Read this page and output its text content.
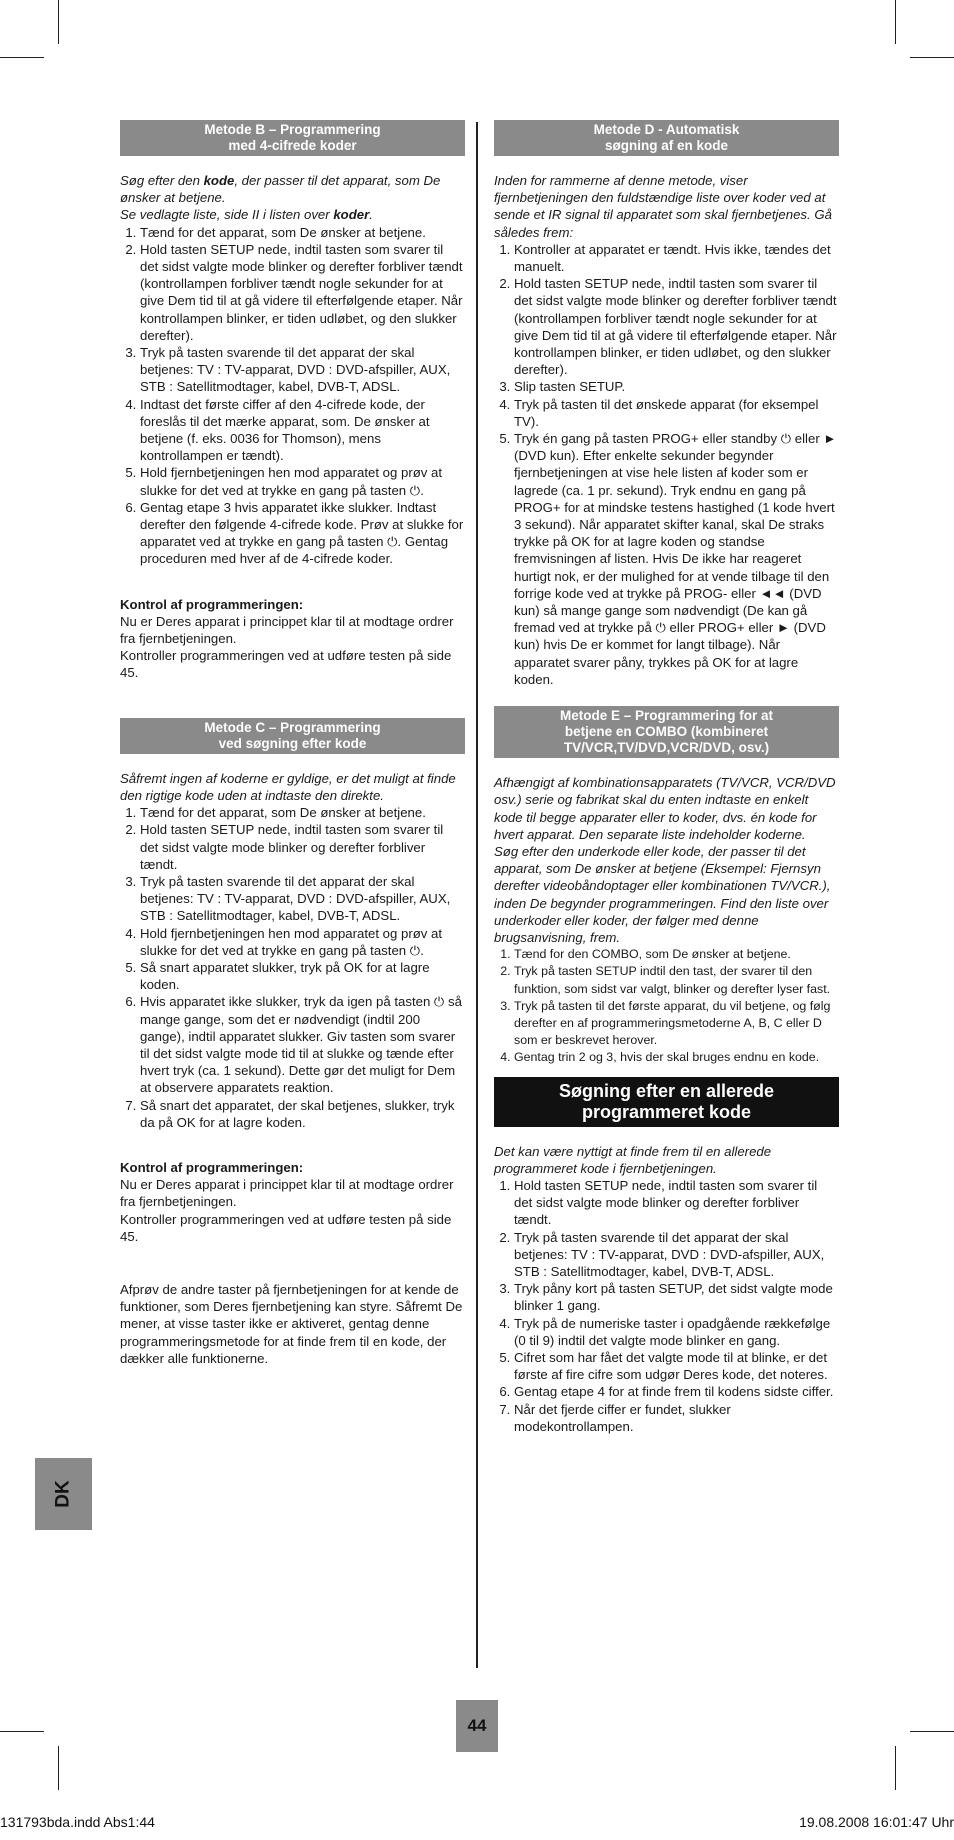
Metode B – Programmering
med 4-cifrede koder

Søg efter den kode, der passer til det apparat, som De ønsker at betjene.
Se vedlagte liste, side II i listen over koder.

1. Tænd for det apparat, som De ønsker at betjene.
2. Hold tasten SETUP nede, indtil tasten som svarer til det sidst valgte mode blinker og derefter forbliver tændt (kontrollampen forbliver tændt nogle sekunder for at give Dem tid til at gå videre til efterfølgende etaper. Når kontrollampen blinker, er tiden udløbet, og den slukker derefter).
3. Tryk på tasten svarende til det apparat der skal betjenes: TV : TV-apparat, DVD : DVD-afspiller, AUX, STB : Satellitmodtager, kabel, DVB-T, ADSL.
4. Indtast det første ciffer af den 4-cifrede kode, der foreslås til det mærke apparat, som. De ønsker at betjene (f. eks. 0036 for Thomson), mens kontrollampen er tændt).
5. Hold fjernbetjeningen hen mod apparatet og prøv at slukke for det ved at trykke en gang på tasten ⏻.
6. Gentag etape 3 hvis apparatet ikke slukker. Indtast derefter den følgende 4-cifrede kode. Prøv at slukke for apparatet ved at trykke en gang på tasten ⏻. Gentag proceduren med hver af de 4-cifrede koder.
Kontrol af programmeringen:

Nu er Deres apparat i princippet klar til at modtage ordrer fra fjernbetjeningen.

Kontroller programmeringen ved at udføre testen på side 45.

Metode C – Programmering
ved søgning efter kode

Såfremt ingen af koderne er gyldige, er det muligt at finde den rigtige kode uden at indtaste den direkte.

1. Tænd for det apparat, som De ønsker at betjene.
2. Hold tasten SETUP nede, indtil tasten som svarer til det sidst valgte mode blinker og derefter forbliver tændt.
3. Tryk på tasten svarende til det apparat der skal betjenes: TV : TV-apparat, DVD : DVD-afspiller, AUX, STB : Satellitmodtager, kabel, DVB-T, ADSL.
4. Hold fjernbetjeningen hen mod apparatet og prøv at slukke for det ved at trykke en gang på tasten ⏻.
5. Så snart apparatet slukker, tryk på OK for at lagre koden.
6. Hvis apparatet ikke slukker, tryk da igen på tasten ⏻ så mange gange, som det er nødvendigt (indtil 200 gange), indtil apparatet slukker. Giv tasten som svarer til det sidst valgte mode tid til at slukke og tænde efter hvert tryk (ca. 1 sekund). Dette gør det muligt for Dem at observere apparatets reaktion.
7. Så snart det apparatet, der skal betjenes, slukker, tryk da på OK for at lagre koden.
Kontrol af programmeringen:

Nu er Deres apparat i princippet klar til at modtage ordrer fra fjernbetjeningen.

Kontroller programmeringen ved at udføre testen på side 45.

Afprøv de andre taster på fjernbetjeningen for at kende de funktioner, som Deres fjernbetjening kan styre. Såfremt De mener, at visse taster ikke er aktiveret, gentag denne programmeringsmetode for at finde frem til en kode, der dækker alle funktionerne.

Metode D - Automatisk
søgning af en kode

Inden for rammerne af denne metode, viser fjernbetjeningen den fuldstændige liste over koder ved at sende et IR signal til apparatet som skal fjernbetjenes. Gå således frem:

1. Kontroller at apparatet er tændt. Hvis ikke, tændes det manuelt.
2. Hold tasten SETUP nede, indtil tasten som svarer til det sidst valgte mode blinker og derefter forbliver tændt (kontrollampen forbliver tændt nogle sekunder for at give Dem tid til at gå videre til efterfølgende etaper. Når kontrollampen blinker, er tiden udløbet, og den slukker derefter).
3. Slip tasten SETUP.
4. Tryk på tasten til det ønskede apparat (for eksempel TV).
5. Tryk én gang på tasten PROG+ eller standby ⏻ eller ► (DVD kun). Efter enkelte sekunder begynder fjernbetjeningen at vise hele listen af koder som er lagrede (ca. 1 pr. sekund). Tryk endnu en gang på PROG+ for at mindske testens hastighed (1 kode hvert 3 sekund). Når apparatet skifter kanal, skal De straks trykke på OK for at lagre koden og standse fremvisningen af listen. Hvis De ikke har reageret hurtigt nok, er der mulighed for at vende tilbage til den forrige kode ved at trykke på PROG- eller ◄◄ (DVD kun) så mange gange som nødvendigt (De kan gå fremad ved at trykke på ⏻ eller PROG+ eller ► (DVD kun) hvis De er kommet for langt tilbage). Når apparatet svarer påny, trykkes på OK for at lagre koden.
Metode E – Programmering for at
betjene en COMBO (kombineret
TV/VCR,TV/DVD,VCR/DVD, osv.)

Afhængigt af kombinationsapparatets (TV/VCR, VCR/DVD osv.) serie og fabrikat skal du enten indtaste en enkelt kode til begge apparater eller to koder, dvs. én kode for hvert apparat. Den separate liste indeholder koderne.

Søg efter den underkode eller kode, der passer til det apparat, som De ønsker at betjene (Eksempel: Fjernsyn derefter videobåndoptager eller kombinationen TV/VCR.), inden De begynder programmeringen. Find den liste over underkoder eller koder, der følger med denne brugsanvisning, frem.

1. Tænd for den COMBO, som De ønsker at betjene.
2. Tryk på tasten SETUP indtil den tast, der svarer til den funktion, som sidst var valgt, blinker og derefter lyser fast.
3. Tryk på tasten til det første apparat, du vil betjene, og følg derefter en af programmeringsmetoderne A, B, C eller D som er beskrevet herover.
4. Gentag trin 2 og 3, hvis der skal bruges endnu en kode.
Søgning efter en allerede
programmeret kode

Det kan være nyttigt at finde frem til en allerede programmeret kode i fjernbetjeningen.

1. Hold tasten SETUP nede, indtil tasten som svarer til det sidst valgte mode blinker og derefter forbliver tændt.
2. Tryk på tasten svarende til det apparat der skal betjenes: TV : TV-apparat, DVD : DVD-afspiller, AUX, STB : Satellitmodtager, kabel, DVB-T, ADSL.
3. Tryk påny kort på tasten SETUP, det sidst valgte mode blinker 1 gang.
4. Tryk på de numeriske taster i opadgående rækkefølge (0 til 9) indtil det valgte mode blinker en gang.
5. Cifret som har fået det valgte mode til at blinke, er det første af fire cifre som udgør Deres kode, det noteres.
6. Gentag etape 4 for at finde frem til kodens sidste ciffer.
7. Når det fjerde ciffer er fundet, slukker modekontrollampen.
DK
44
131793bda.indd Abs1:44	19.08.2008 16:01:47 Uhr
